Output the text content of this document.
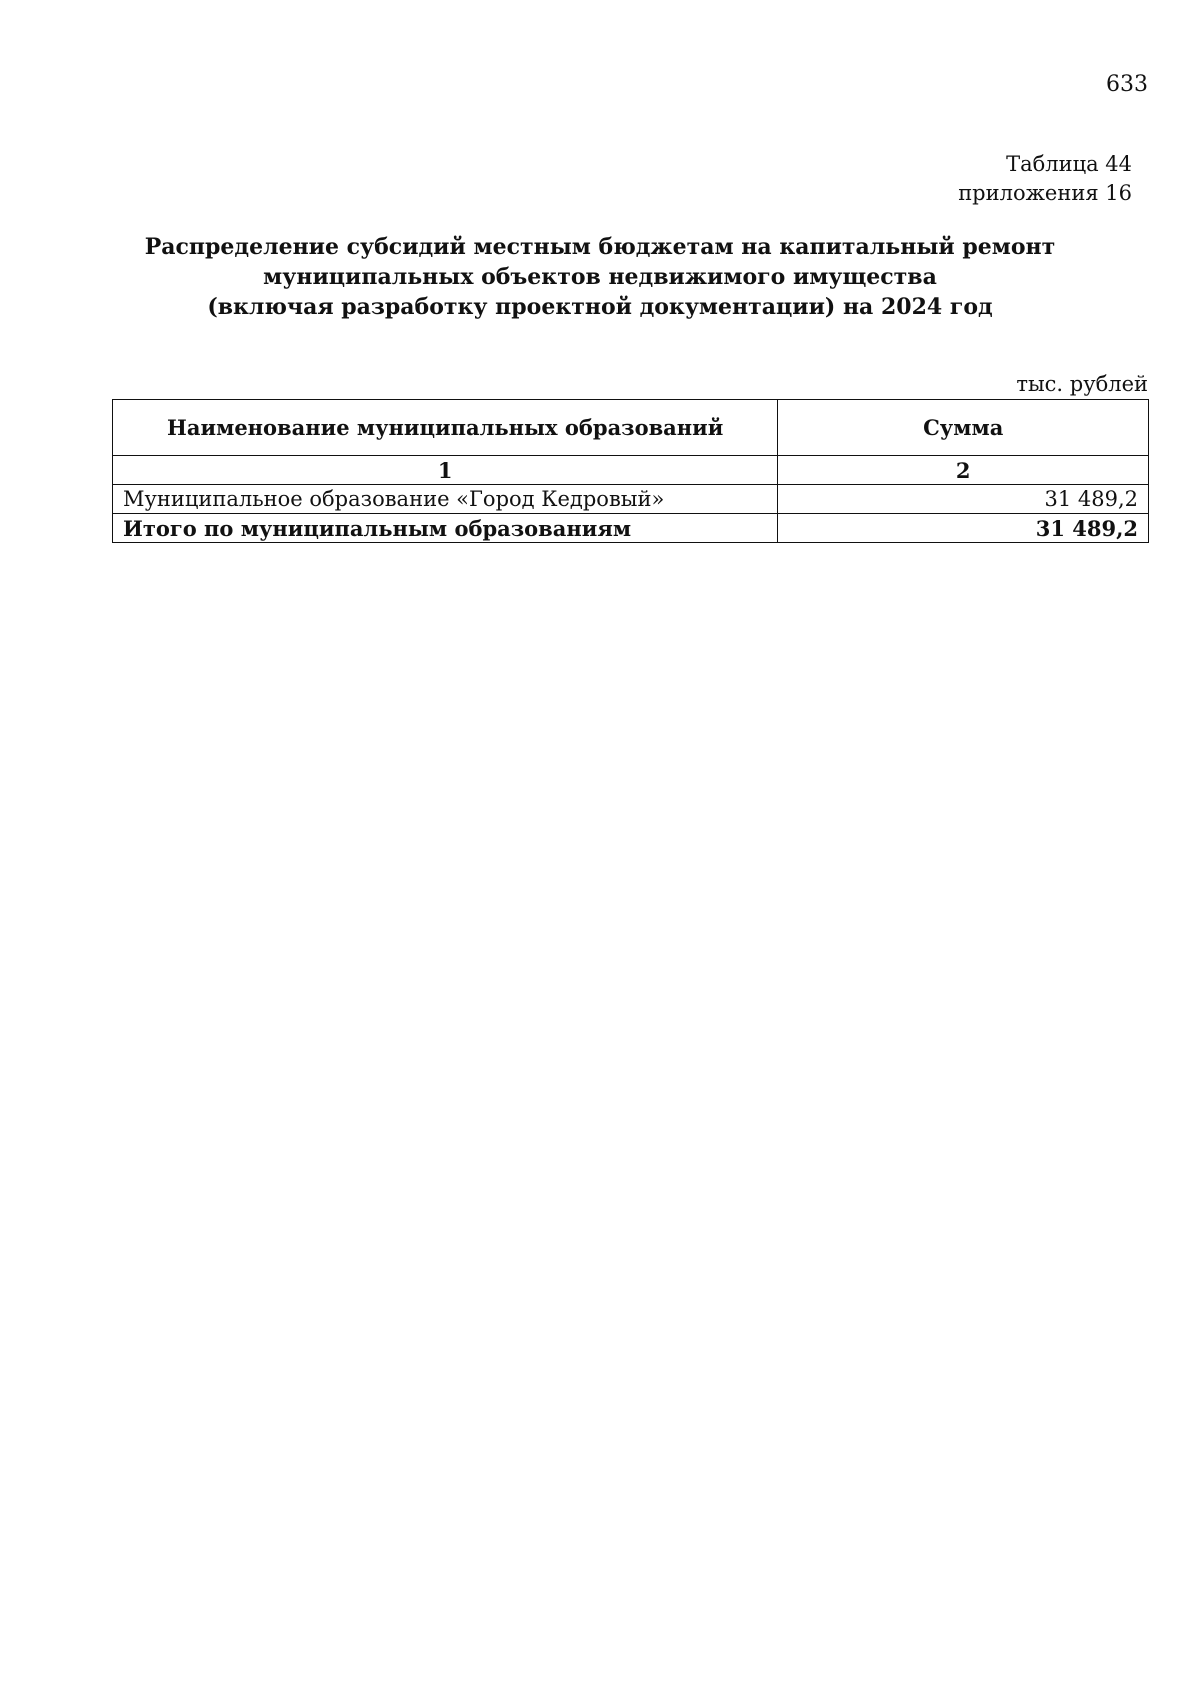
633
Таблица 44
приложения 16
Распределение субсидий местным бюджетам на капитальный ремонт
муниципальных объектов недвижимого имущества
(включая разработку проектной документации) на 2024 год
тыс. рублей
Наименование муниципальных образований	Сумма
1	2
Муниципальное образование «Город Кедровый»	31 489,2
Итого по муниципальным образованиям	31 489,2
